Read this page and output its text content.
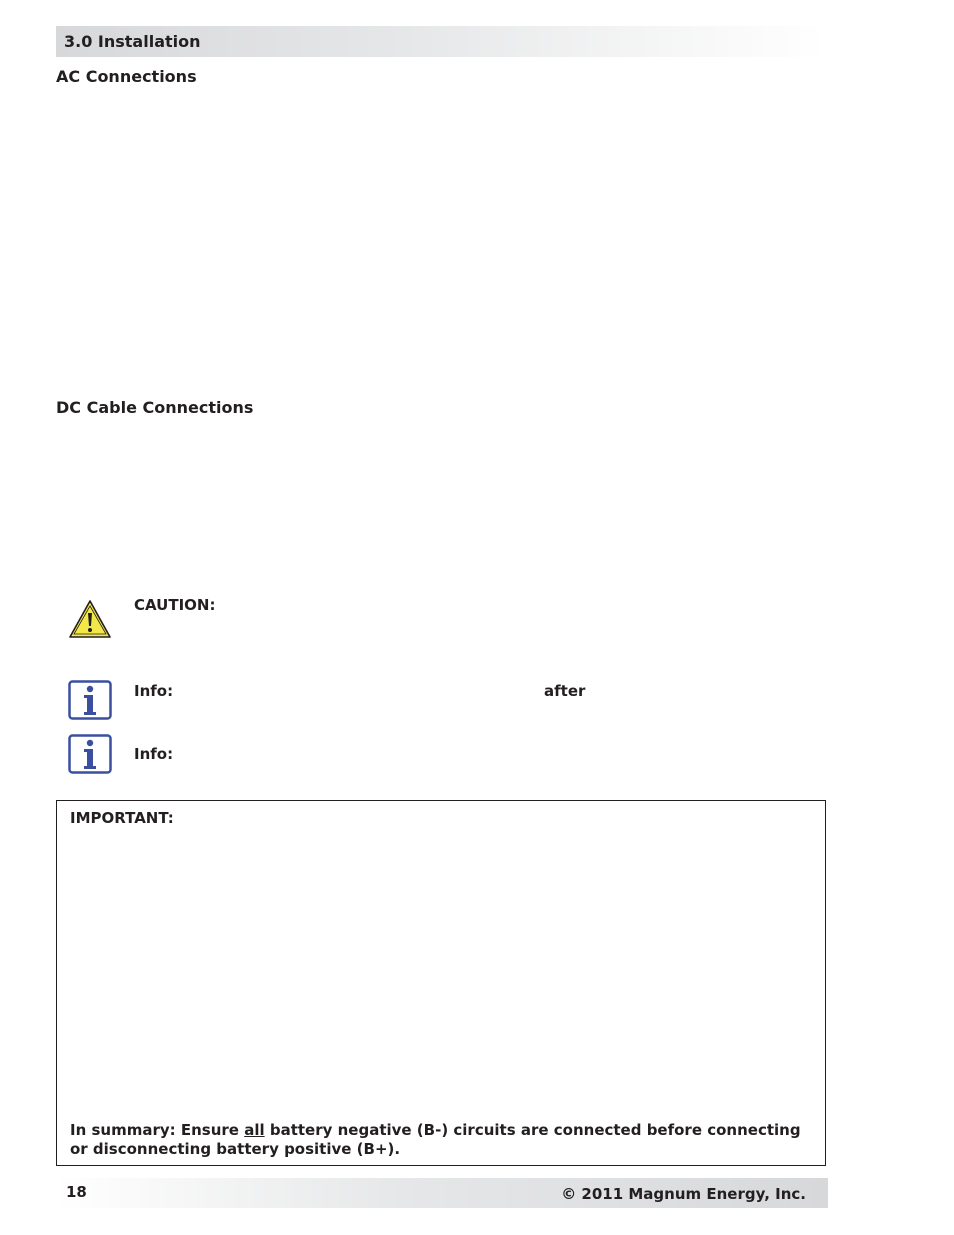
3.0 Installation
AC Connections
DC Cable Connections
CAUTION:
Info:	after
Info:
IMPORTANT:
In summary: Ensure all battery negative (B-) circuits are connected before connecting or disconnecting battery positive (B+).
18	© 2011 Magnum Energy, Inc.
